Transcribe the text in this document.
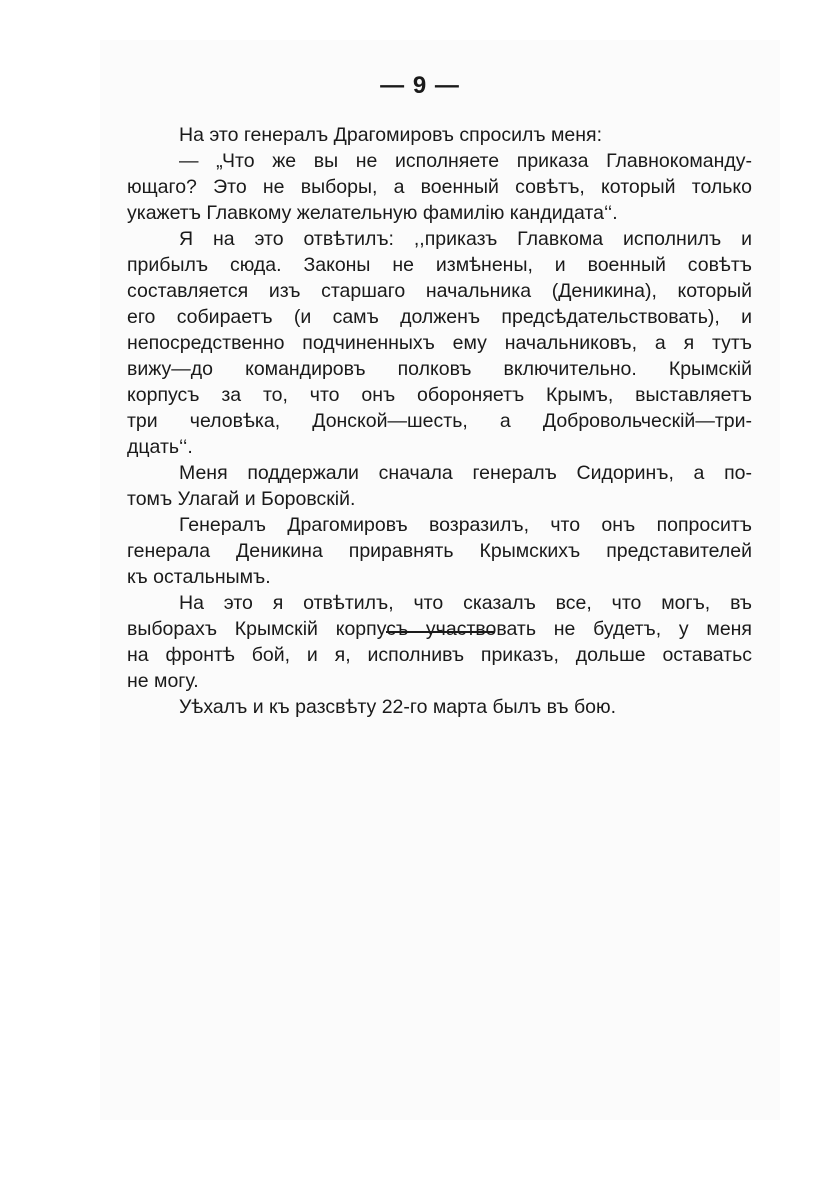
— 9 —
На это генералъ Драгомировъ спросилъ меня:
— „Что же вы не исполняете приказа Главнокоманду-
ющаго? Это не выборы, а военный совѣтъ, который только
укажетъ Главкому желательную фамилію кандидата‘‘.
Я на это отвѣтилъ: ,,приказъ Главкома исполнилъ и
прибылъ сюда. Законы не измѣнены, и военный совѣтъ
составляется изъ старшаго начальника (Деникина), который
его собираетъ (и самъ долженъ предсѣдательствовать), и
непосредственно подчиненныхъ ему начальниковъ, а я тутъ
вижу—до командировъ полковъ включительно. Крымскій
корпусъ за то, что онъ обороняетъ Крымъ, выставляетъ
три человѣка, Донской—шесть, а Добровольческій—три-
дцать‘‘.
Меня поддержали сначала генералъ Сидоринъ, а по-
томъ Улагай и Боровскій.
Генералъ Драгомировъ возразилъ, что онъ попроситъ
генерала Деникина приравнять Крымскихъ представителей
къ остальнымъ.
На это я отвѣтилъ, что сказалъ все, что могъ, въ
выборахъ Крымскій корпусъ участвовать не будетъ, у меня
на фронтѣ бой, и я, исполнивъ приказъ, дольше оставатьс
не могу.
Уѣхалъ и къ разсвѣту 22-го марта былъ въ бою.
